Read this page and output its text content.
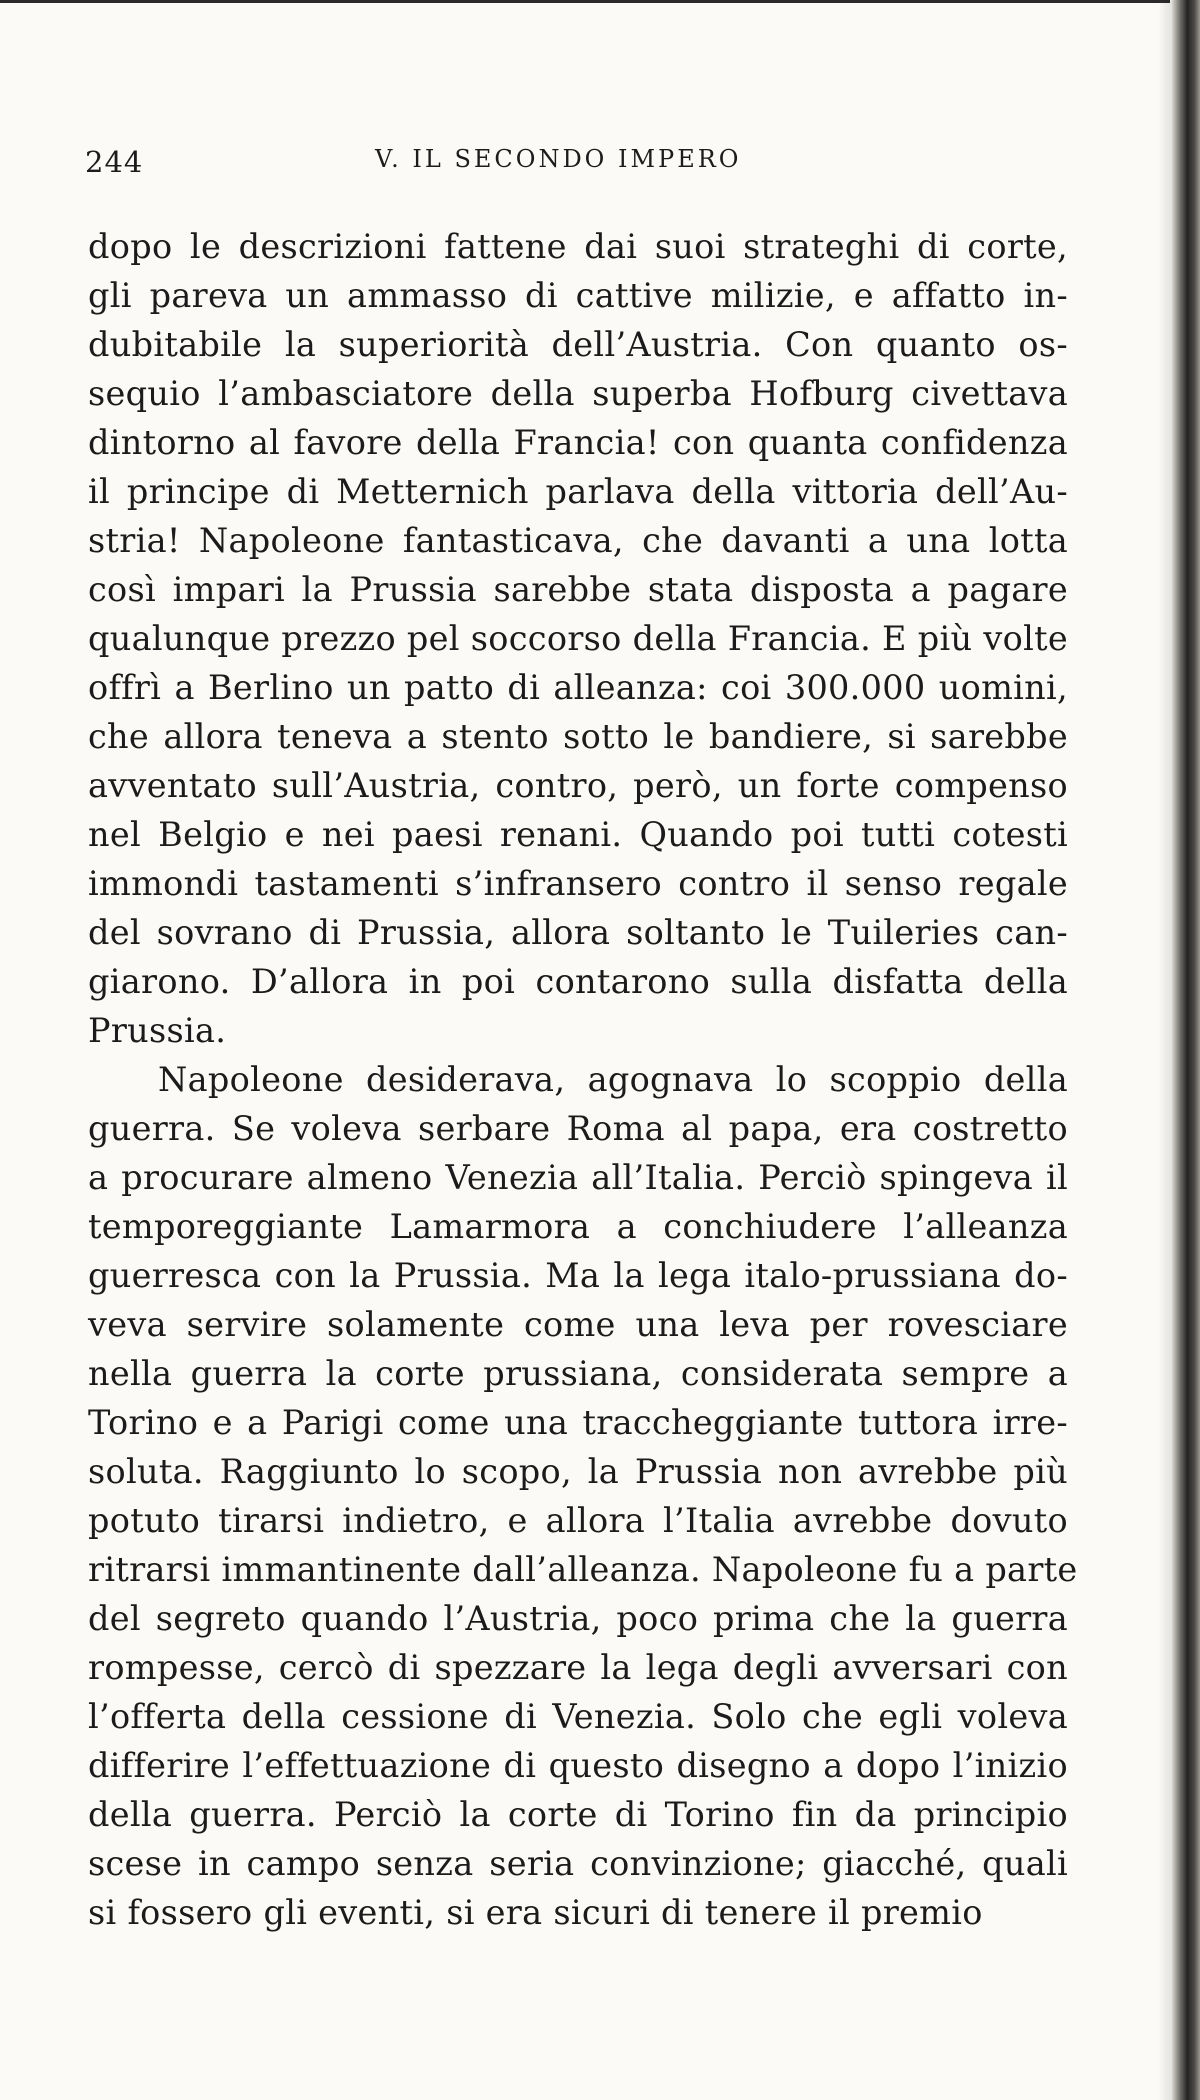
244	V. IL SECONDO IMPERO
dopo le descrizioni fattene dai suoi strateghi di corte,
gli pareva un ammasso di cattive milizie, e affatto in-
dubitabile la superiorità dell’Austria. Con quanto os-
sequio l’ambasciatore della superba Hofburg civettava
dintorno al favore della Francia! con quanta confidenza
il principe di Metternich parlava della vittoria dell’Au-
stria! Napoleone fantasticava, che davanti a una lotta
così impari la Prussia sarebbe stata disposta a pagare
qualunque prezzo pel soccorso della Francia. E più volte
offrì a Berlino un patto di alleanza: coi 300.000 uomini,
che allora teneva a stento sotto le bandiere, si sarebbe
avventato sull’Austria, contro, però, un forte compenso
nel Belgio e nei paesi renani. Quando poi tutti cotesti
immondi tastamenti s’infransero contro il senso regale
del sovrano di Prussia, allora soltanto le Tuileries can-
giarono. D’allora in poi contarono sulla disfatta della
Prussia.
Napoleone desiderava, agognava lo scoppio della
guerra. Se voleva serbare Roma al papa, era costretto
a procurare almeno Venezia all’Italia. Perciò spingeva il
temporeggiante Lamarmora a conchiudere l’alleanza
guerresca con la Prussia. Ma la lega italo-prussiana do-
veva servire solamente come una leva per rovesciare
nella guerra la corte prussiana, considerata sempre a
Torino e a Parigi come una traccheggiante tuttora irre-
soluta. Raggiunto lo scopo, la Prussia non avrebbe più
potuto tirarsi indietro, e allora l’Italia avrebbe dovuto
ritrarsi immantinente dall’alleanza. Napoleone fu a parte
del segreto quando l’Austria, poco prima che la guerra
rompesse, cercò di spezzare la lega degli avversari con
l’offerta della cessione di Venezia. Solo che egli voleva
differire l’effettuazione di questo disegno a dopo l’inizio
della guerra. Perciò la corte di Torino fin da principio
scese in campo senza seria convinzione; giacché, quali
si fossero gli eventi, si era sicuri di tenere il premio
